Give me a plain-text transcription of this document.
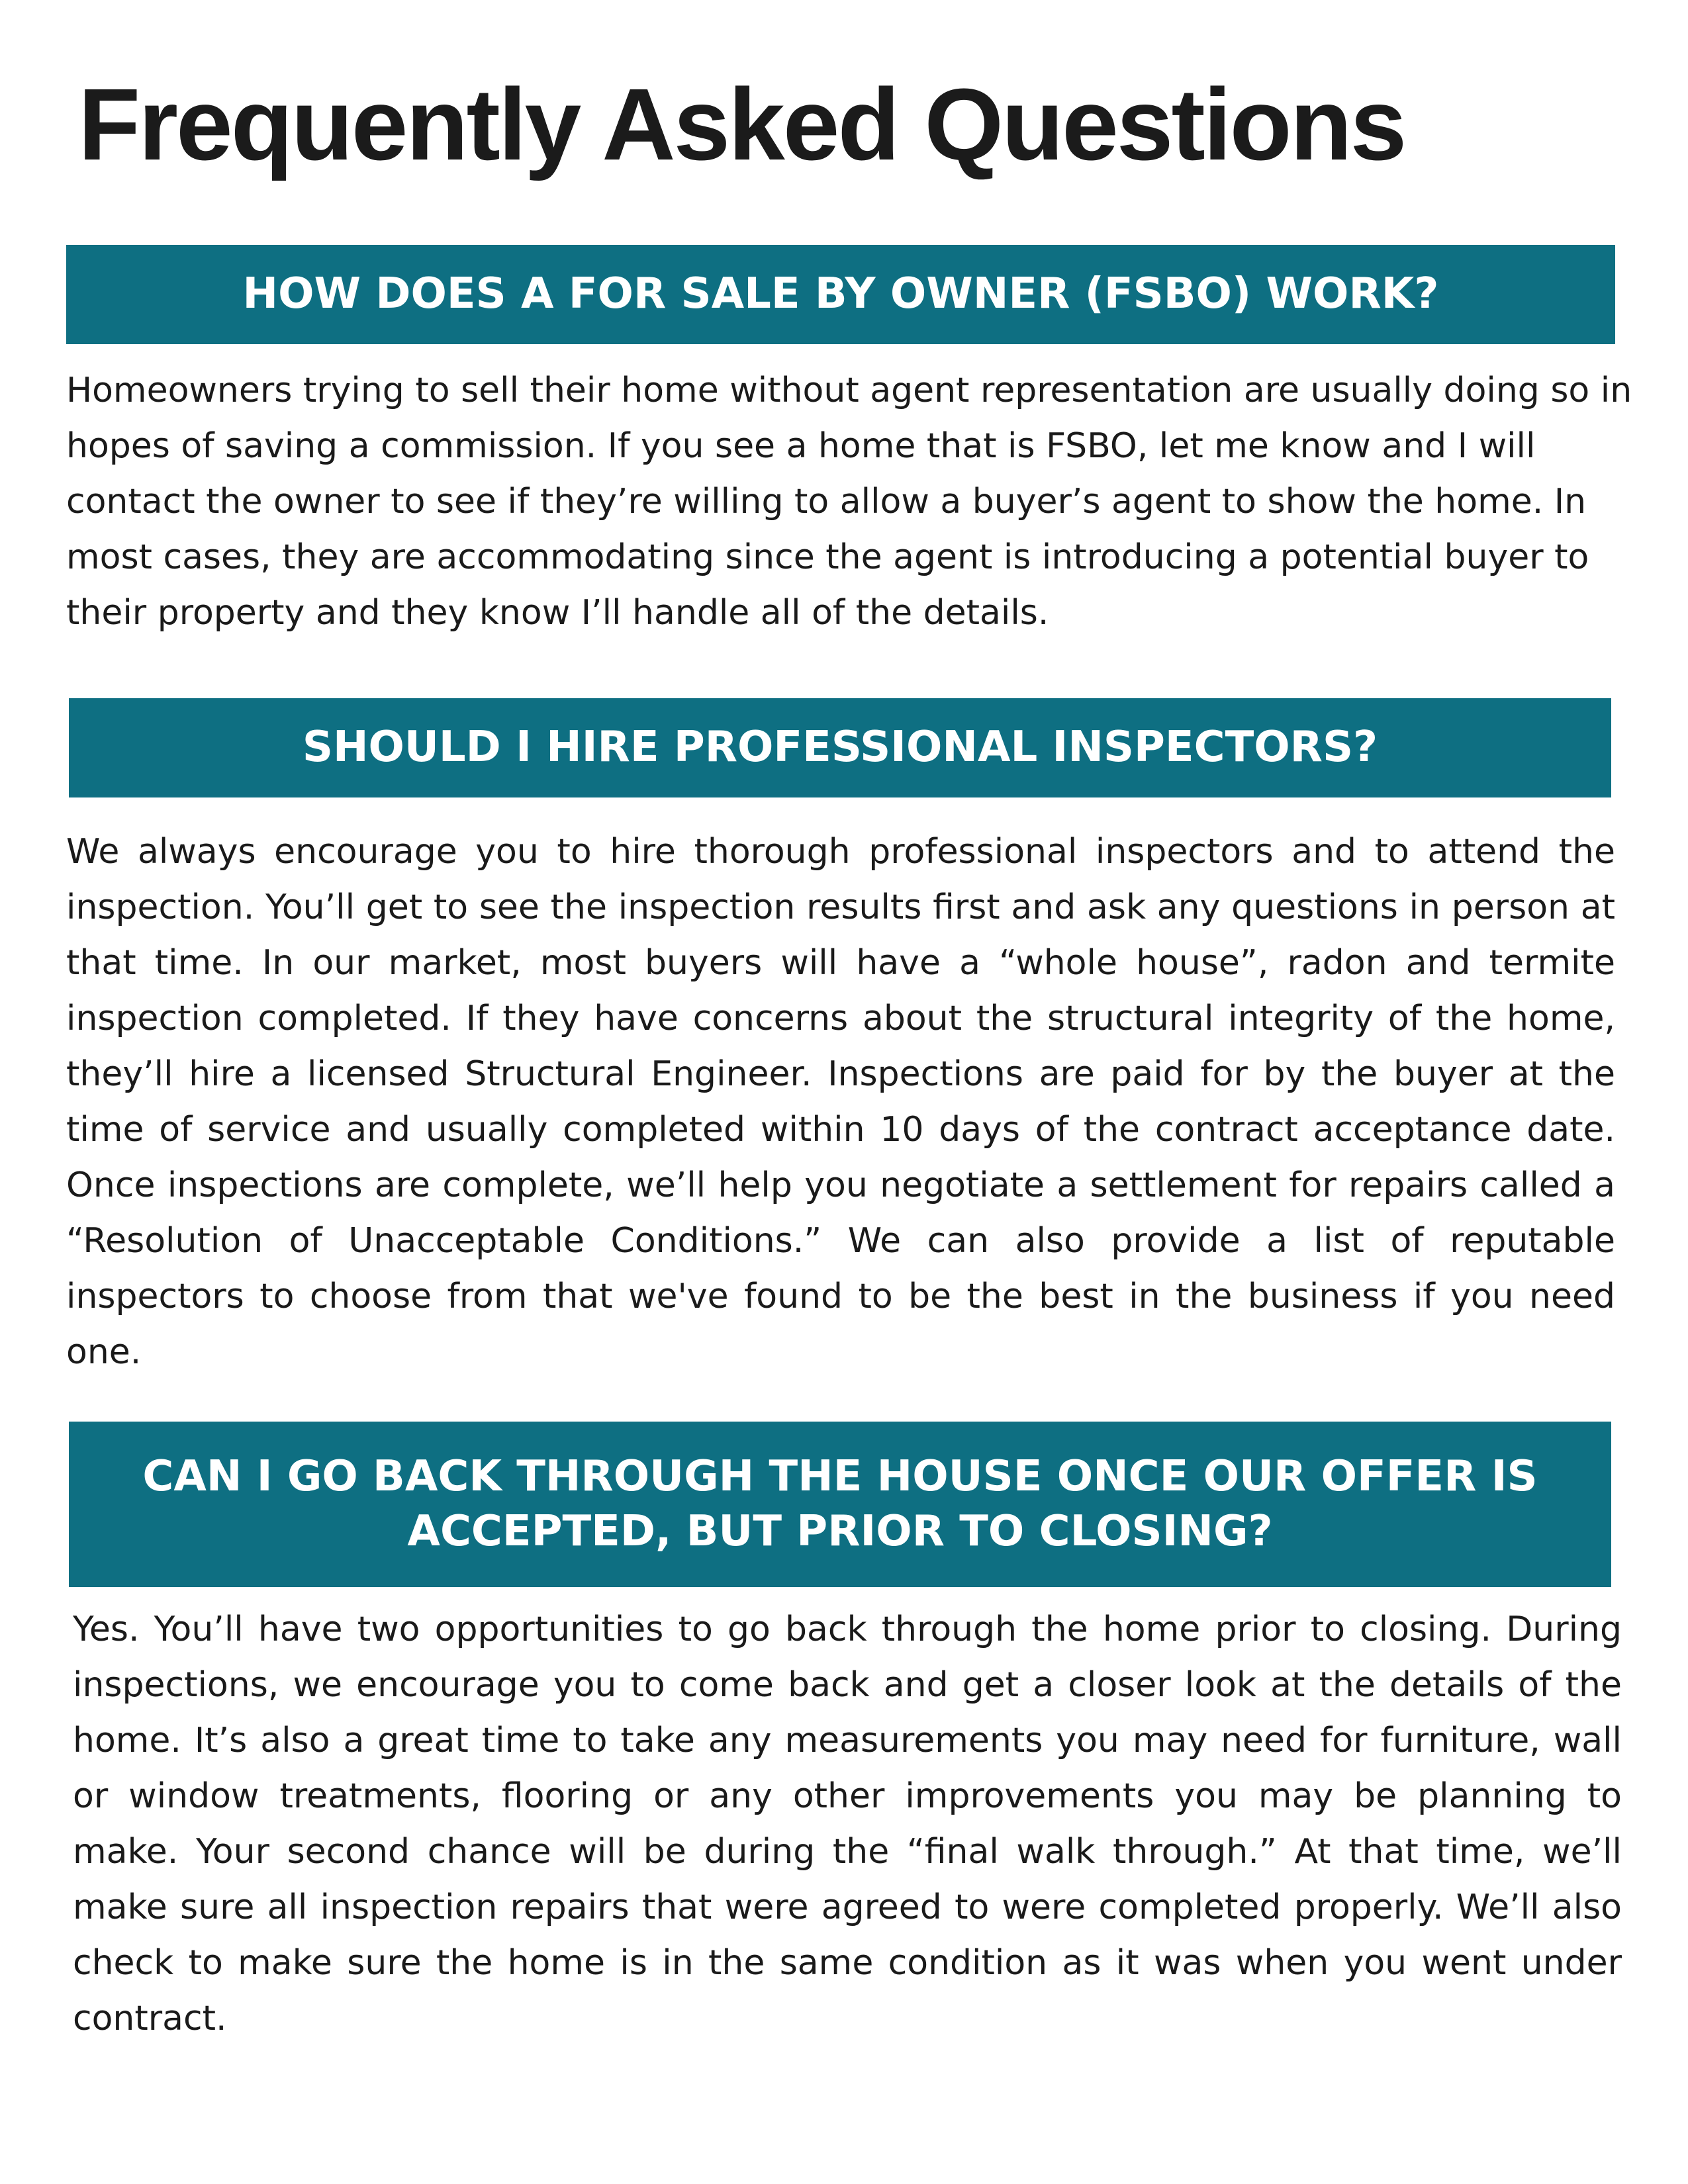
Frequently Asked Questions
HOW DOES A FOR SALE BY OWNER (FSBO) WORK?

Homeowners trying to sell their home without agent representation are usually doing so in hopes of saving a commission. If you see a home that is FSBO, let me know and I will contact the owner to see if they’re willing to allow a buyer’s agent to show the home. In most cases, they are accommodating since the agent is introducing a potential buyer to their property and they know I’ll handle all of the details.

SHOULD I HIRE PROFESSIONAL INSPECTORS?

We always encourage you to hire thorough professional inspectors and to attend the inspection. You’ll get to see the inspection results first and ask any questions in person at that time. In our market, most buyers will have a “whole house”, radon and termite inspection completed. If they have concerns about the structural integrity of the home, they’ll hire a licensed Structural Engineer. Inspections are paid for by the buyer at the time of service and usually completed within 10 days of the contract acceptance date. Once inspections are complete, we’ll help you negotiate a settlement for repairs called a “Resolution of Unacceptable Conditions.” We can also provide a list of reputable inspectors to choose from that we've found to be the best in the business if you need one.

CAN I GO BACK THROUGH THE HOUSE ONCE OUR OFFER IS ACCEPTED, BUT PRIOR TO CLOSING?

Yes. You’ll have two opportunities to go back through the home prior to closing. During inspections, we encourage you to come back and get a closer look at the details of the home. It’s also a great time to take any measurements you may need for furniture, wall or window treatments, flooring or any other improvements you may be planning to make. Your second chance will be during the “final walk through.” At that time, we’ll make sure all inspection repairs that were agreed to were completed properly. We’ll also check to make sure the home is in the same condition as it was when you went under contract.
